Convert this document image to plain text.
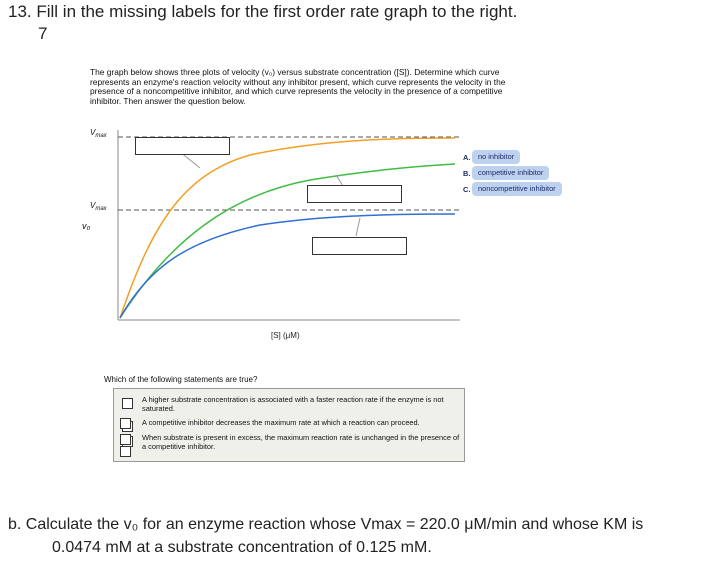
13. Fill in the missing labels for the first order rate graph to the right.
7
The graph below shows three plots of velocity (v₀) versus substrate concentration ([S]). Determine which curve represents an enzyme's reaction velocity without any inhibitor present, which curve represents the velocity in the presence of a noncompetitive inhibitor, and which curve represents the velocity in the presence of a competitive inhibitor. Then answer the question below.
$V_{max}$
$V_{max}$
v₀
A.	no inhibitor
B.	competitive inhibitor
C.	noncompetitive inhibitor
[S] (μM)
Which of the following statements are true?
A higher substrate concentration is associated with a faster reaction rate if the enzyme is not saturated.
A competitive inhibitor decreases the maximum rate at which a reaction can proceed.
When substrate is present in excess, the maximum reaction rate is unchanged in the presence of a competitive inhibitor.
b. Calculate the v₀ for an enzyme reaction whose Vmax = 220.0 μM/min and whose KM is
0.0474 mM at a substrate concentration of 0.125 mM.
